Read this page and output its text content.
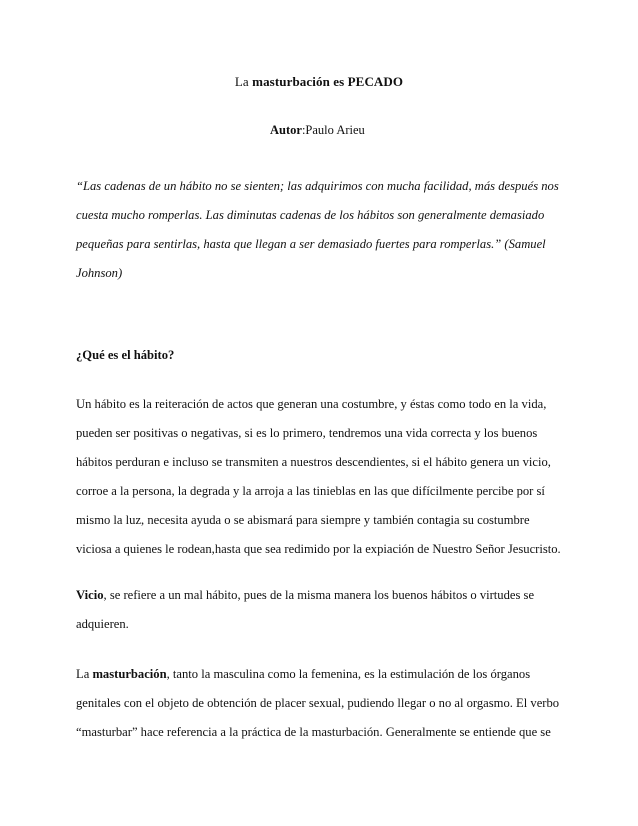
La masturbación es PECADO
Autor:Paulo Arieu
“Las cadenas de un hábito no se sienten; las adquirimos con mucha facilidad, más después nos
cuesta mucho romperlas. Las diminutas cadenas de los hábitos son generalmente demasiado
pequeñas para sentirlas, hasta que llegan a ser demasiado fuertes para romperlas.” (Samuel
Johnson)
¿Qué es el hábito?
Un hábito es la reiteración de actos que generan una costumbre, y éstas como todo en la vida,
pueden ser positivas o negativas, si es lo primero, tendremos una vida correcta y los buenos
hábitos perduran e incluso se transmiten a nuestros descendientes, si el hábito genera un vicio,
corroe a la persona, la degrada y la arroja a las tinieblas en las que difícilmente percibe por sí
mismo la luz, necesita ayuda o se abismará para siempre y también contagia su costumbre
viciosa a quienes le rodean,hasta que sea redimido por la expiación de Nuestro Señor Jesucristo.
Vicio, se refiere a un mal hábito, pues de la misma manera los buenos hábitos o virtudes se
adquieren.
La masturbación, tanto la masculina como la femenina, es la estimulación de los órganos
genitales con el objeto de obtención de placer sexual, pudiendo llegar o no al orgasmo. El verbo
“masturbar” hace referencia a la práctica de la masturbación. Generalmente se entiende que se
